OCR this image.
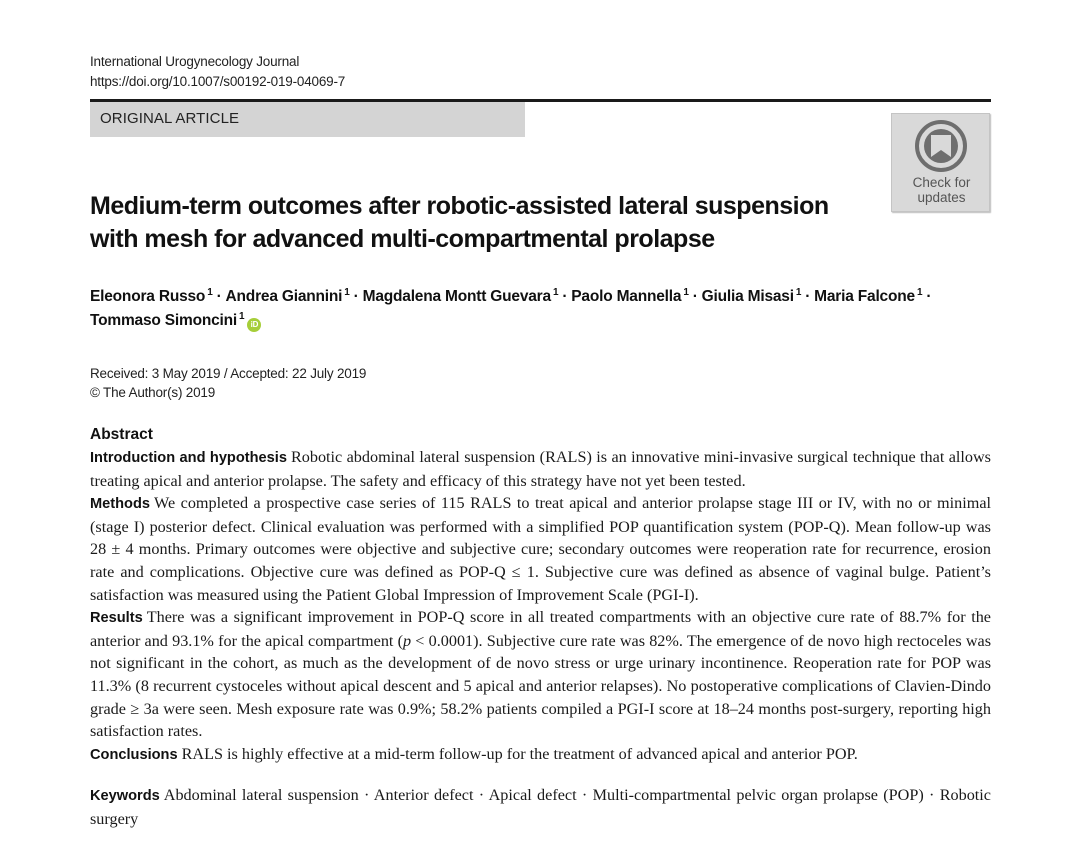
International Urogynecology Journal
https://doi.org/10.1007/s00192-019-04069-7
ORIGINAL ARTICLE
Check for
updates
Medium-term outcomes after robotic-assisted lateral suspension
with mesh for advanced multi-compartmental prolapse
Eleonora Russo $^1$ · Andrea Giannini $^1$ · Magdalena Montt Guevara $^1$ · Paolo Mannella $^1$ · Giulia Misasi $^1$ · Maria Falcone $^1$ ·
Tommaso Simoncini $^1$iD
Received: 3 May 2019 / Accepted: 22 July 2019
© The Author(s) 2019
Abstract

Introduction and hypothesis Robotic abdominal lateral suspension (RALS) is an innovative mini-invasive surgical technique that allows treating apical and anterior prolapse. The safety and efficacy of this strategy have not yet been tested.

Methods We completed a prospective case series of 115 RALS to treat apical and anterior prolapse stage III or IV, with no or minimal (stage I) posterior defect. Clinical evaluation was performed with a simplified POP quantification system (POP-Q). Mean follow-up was 28 ± 4 months. Primary outcomes were objective and subjective cure; secondary outcomes were reoperation rate for recurrence, erosion rate and complications. Objective cure was defined as POP-Q ≤ 1. Subjective cure was defined as absence of vaginal bulge. Patient’s satisfaction was measured using the Patient Global Impression of Improvement Scale (PGI-I).

Results There was a significant improvement in POP-Q score in all treated compartments with an objective cure rate of 88.7% for the anterior and 93.1% for the apical compartment (p < 0.0001). Subjective cure rate was 82%. The emergence of de novo high rectoceles was not significant in the cohort, as much as the development of de novo stress or urge urinary incontinence. Reoperation rate for POP was 11.3% (8 recurrent cystoceles without apical descent and 5 apical and anterior relapses). No postoperative complications of Clavien-Dindo grade ≥ 3a were seen. Mesh exposure rate was 0.9%; 58.2% patients compiled a PGI-I score at 18–24 months post-surgery, reporting high satisfaction rates.

Conclusions RALS is highly effective at a mid-term follow-up for the treatment of advanced apical and anterior POP.

Keywords Abdominal lateral suspension · Anterior defect · Apical defect · Multi-compartmental pelvic organ prolapse (POP) · Robotic surgery
